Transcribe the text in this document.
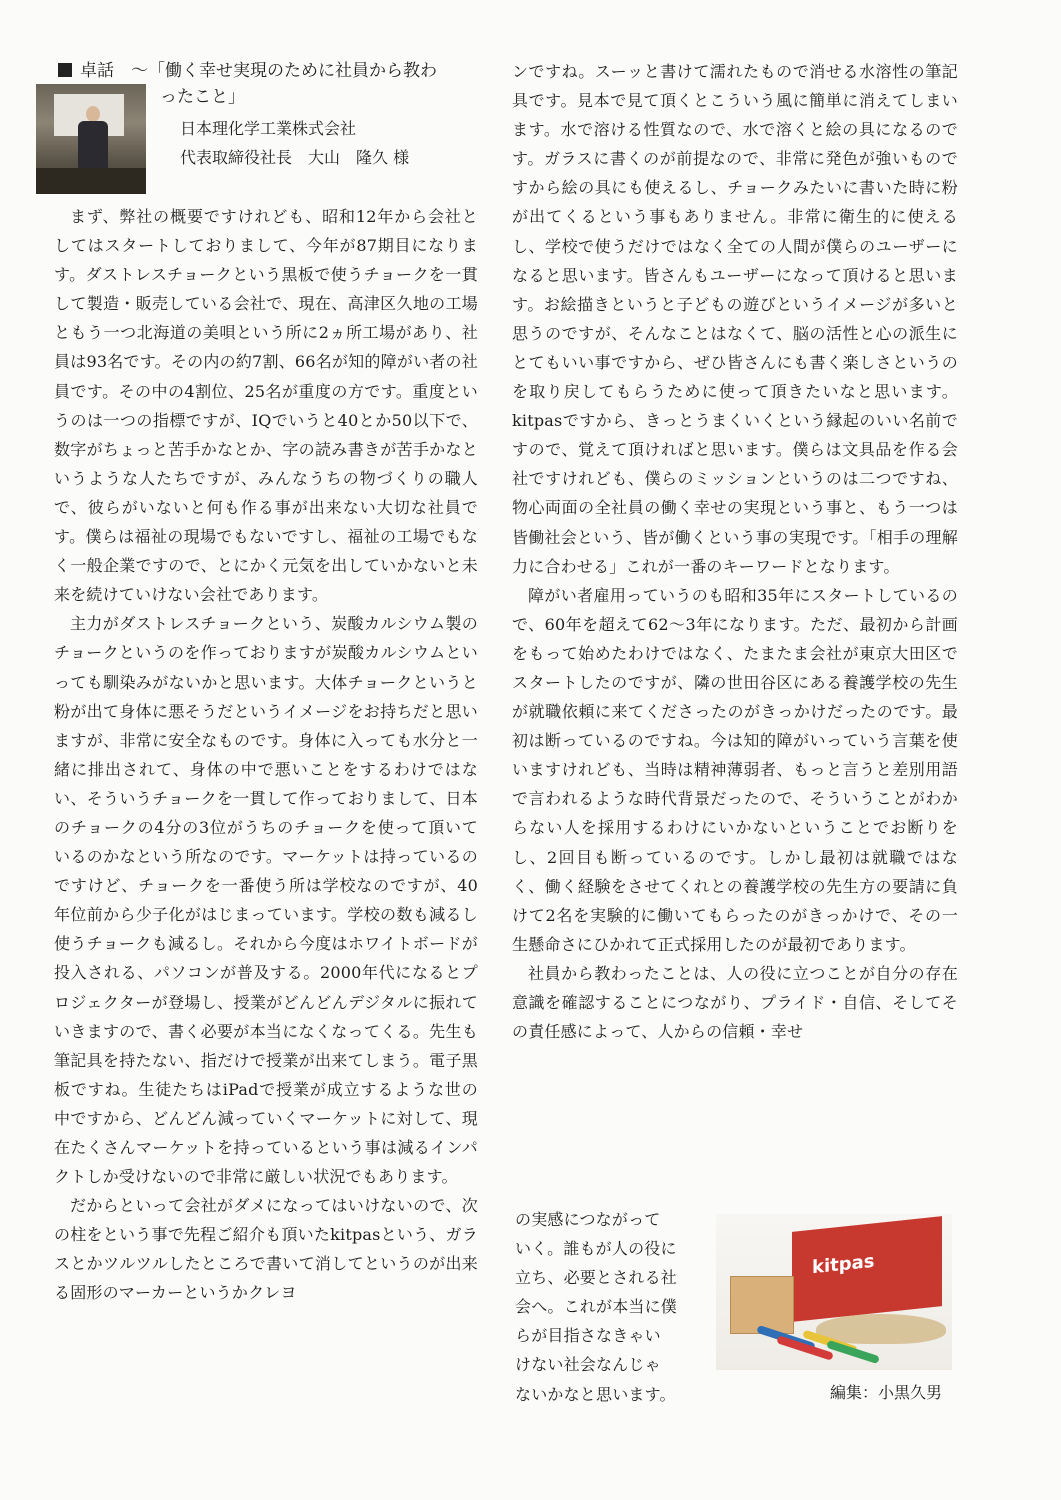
卓話　～「働く幸せ実現のために社員から教わ
ったこと」
日本理化学工業株式会社
代表取締役社長　大山　隆久 様

まず、弊社の概要ですけれども、昭和12年から会社としてはスタートしておりまして、今年が87期目になります。ダストレスチョークという黒板で使うチョークを一貫して製造・販売している会社で、現在、高津区久地の工場ともう一つ北海道の美唄という所に2ヵ所工場があり、社員は93名です。その内の約7割、66名が知的障がい者の社員です。その中の4割位、25名が重度の方です。重度というのは一つの指標ですが、IQでいうと40とか50以下で、数字がちょっと苦手かなとか、字の読み書きが苦手かなというような人たちですが、みんなうちの物づくりの職人で、彼らがいないと何も作る事が出来ない大切な社員です。僕らは福祉の現場でもないですし、福祉の工場でもなく一般企業ですので、とにかく元気を出していかないと未来を続けていけない会社であります。

主力がダストレスチョークという、炭酸カルシウム製のチョークというのを作っておりますが炭酸カルシウムといっても馴染みがないかと思います。大体チョークというと粉が出て身体に悪そうだというイメージをお持ちだと思いますが、非常に安全なものです。身体に入っても水分と一緒に排出されて、身体の中で悪いことをするわけではない、そういうチョークを一貫して作っておりまして、日本のチョークの4分の3位がうちのチョークを使って頂いているのかなという所なのです。マーケットは持っているのですけど、チョークを一番使う所は学校なのですが、40年位前から少子化がはじまっています。学校の数も減るし使うチョークも減るし。それから今度はホワイトボードが投入される、パソコンが普及する。2000年代になるとプロジェクターが登場し、授業がどんどんデジタルに振れていきますので、書く必要が本当になくなってくる。先生も筆記具を持たない、指だけで授業が出来てしまう。電子黒板ですね。生徒たちはiPadで授業が成立するような世の中ですから、どんどん減っていくマーケットに対して、現在たくさんマーケットを持っているという事は減るインパクトしか受けないので非常に厳しい状況でもあります。

だからといって会社がダメになってはいけないので、次の柱をという事で先程ご紹介も頂いたkitpasという、ガラスとかツルツルしたところで書いて消してというのが出来る固形のマーカーというかクレヨ

ンですね。スーッと書けて濡れたもので消せる水溶性の筆記具です。見本で見て頂くとこういう風に簡単に消えてしまいます。水で溶ける性質なので、水で溶くと絵の具になるのです。ガラスに書くのが前提なので、非常に発色が強いものですから絵の具にも使えるし、チョークみたいに書いた時に粉が出てくるという事もありません。非常に衛生的に使えるし、学校で使うだけではなく全ての人間が僕らのユーザーになると思います。皆さんもユーザーになって頂けると思います。お絵描きというと子どもの遊びというイメージが多いと思うのですが、そんなことはなくて、脳の活性と心の派生にとてもいい事ですから、ぜひ皆さんにも書く楽しさというのを取り戻してもらうために使って頂きたいなと思います。kitpasですから、きっとうまくいくという縁起のいい名前ですので、覚えて頂ければと思います。僕らは文具品を作る会社ですけれども、僕らのミッションというのは二つですね、物心両面の全社員の働く幸せの実現という事と、もう一つは皆働社会という、皆が働くという事の実現です。「相手の理解力に合わせる」これが一番のキーワードとなります。

障がい者雇用っていうのも昭和35年にスタートしているので、60年を超えて62～3年になります。ただ、最初から計画をもって始めたわけではなく、たまたま会社が東京大田区でスタートしたのですが、隣の世田谷区にある養護学校の先生が就職依頼に来てくださったのがきっかけだったのです。最初は断っているのですね。今は知的障がいっていう言葉を使いますけれども、当時は精神薄弱者、もっと言うと差別用語で言われるような時代背景だったので、そういうことがわからない人を採用するわけにいかないということでお断りをし、2回目も断っているのです。しかし最初は就職ではなく、働く経験をさせてくれとの養護学校の先生方の要請に負けて2名を実験的に働いてもらったのがきっかけで、その一生懸命さにひかれて正式採用したのが最初であります。

社員から教わったことは、人の役に立つことが自分の存在意識を確認することにつながり、プライド・自信、そしてその責任感によって、人からの信頼・幸せ

の実感につながって
いく。誰もが人の役に
立ち、必要とされる社
会へ。これが本当に僕
らが目指さなきゃい
けない社会なんじゃ
ないかなと思います。
kitpas
編集：小黒久男
